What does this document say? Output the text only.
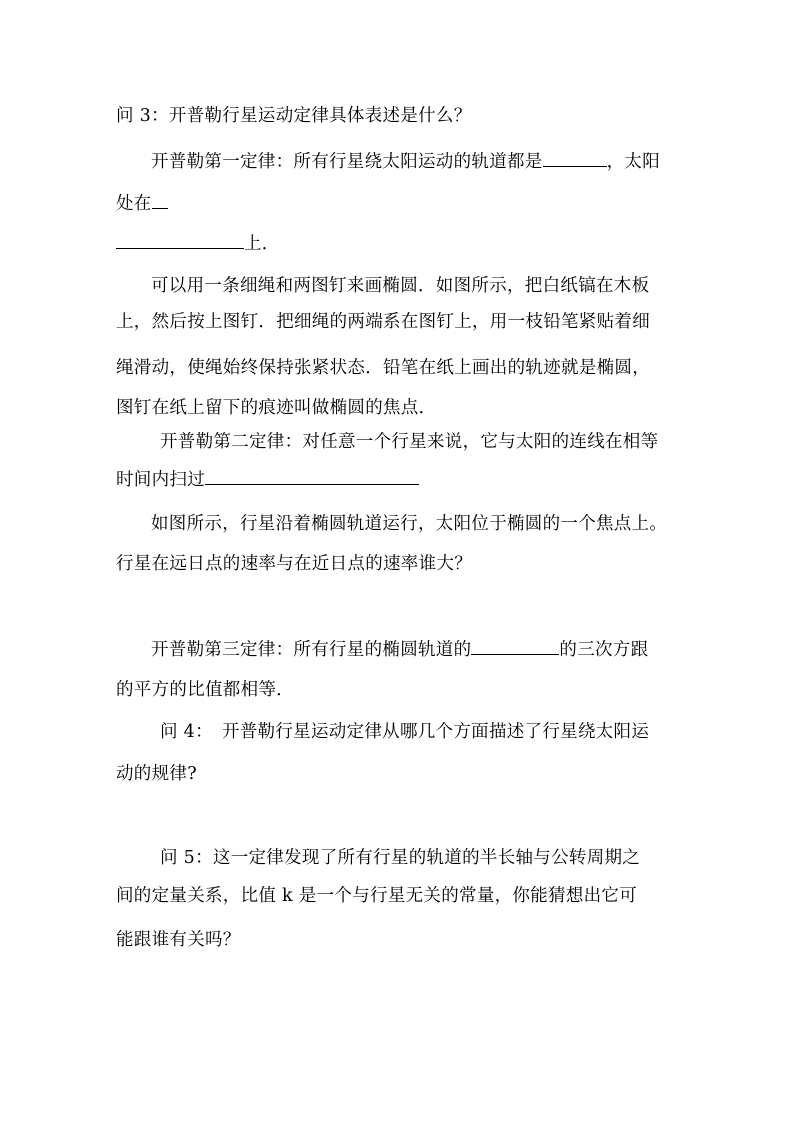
问 3：开普勒行星运动定律具体表述是什么？
开普勒第一定律：所有行星绕太阳运动的轨道都是	，太阳
处在
上．
可以用一条细绳和两图钉来画椭圆．如图所示，把白纸镐在木板
上，然后按上图钉．把细绳的两端系在图钉上，用一枝铅笔紧贴着细
绳滑动，使绳始终保持张紧状态．铅笔在纸上画出的轨迹就是椭圆，
图钉在纸上留下的痕迹叫做椭圆的焦点．
开普勒第二定律：对任意一个行星来说，它与太阳的连线在相等
时间内扫过
如图所示，行星沿着椭圆轨道运行，太阳位于椭圆的一个焦点上。
行星在远日点的速率与在近日点的速率谁大？
开普勒第三定律：所有行星的椭圆轨道的	的三次方跟
的平方的比值都相等．
问 4：　开普勒行星运动定律从哪几个方面描述了行星绕太阳运
动的规律?
问 5：这一定律发现了所有行星的轨道的半长轴与公转周期之
间的定量关系，比值 k 是一个与行星无关的常量，你能猜想出它可
能跟谁有关吗？
